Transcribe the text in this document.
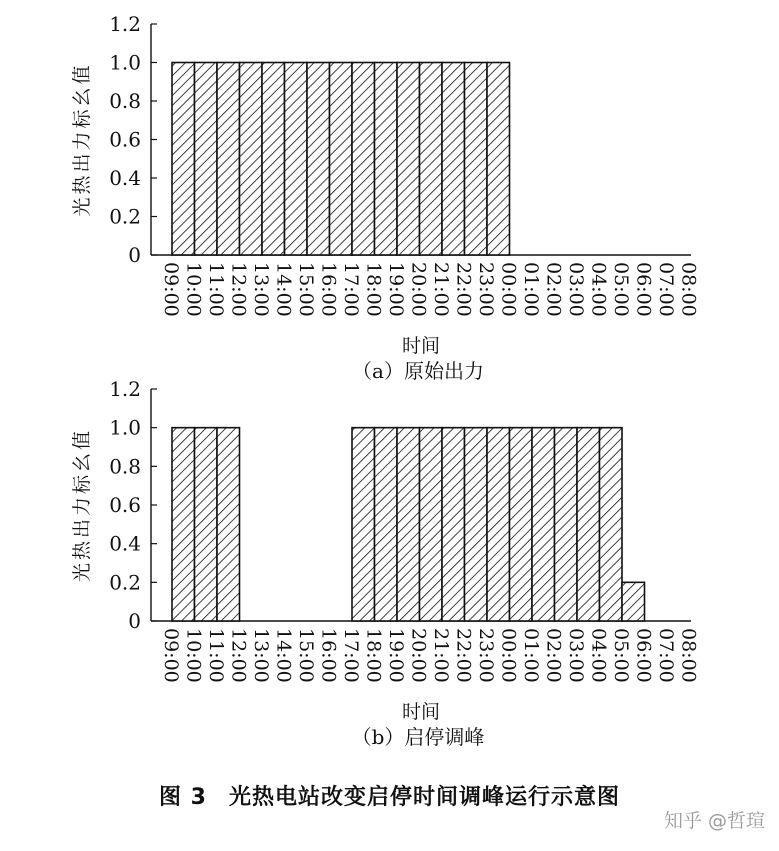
0
0.2
0.4
0.6
0.8
1.0
1.2
光热出力标幺值
09:00 10:00 11:00 12:00 13:00 14:00 15:00 16:00 17:00 18:00 19:00 20:00 21:00 22:00 23:00 00:00 01:00 02:00 03:00 04:00 05:00 06:00 07:00 08:00
时间
（a）原始出力
0
0.2
0.4
0.6
0.8
1.0
1.2
光热出力标幺值
09:00 10:00 11:00 12:00 13:00 14:00 15:00 16:00 17:00 18:00 19:00 20:00 21:00 22:00 23:00 00:00 01:00 02:00 03:00 04:00 05:00 06:00 07:00 08:00
时间
（b）启停调峰
图 3 光热电站改变启停时间调峰运行示意图
知乎 @哲瑄
